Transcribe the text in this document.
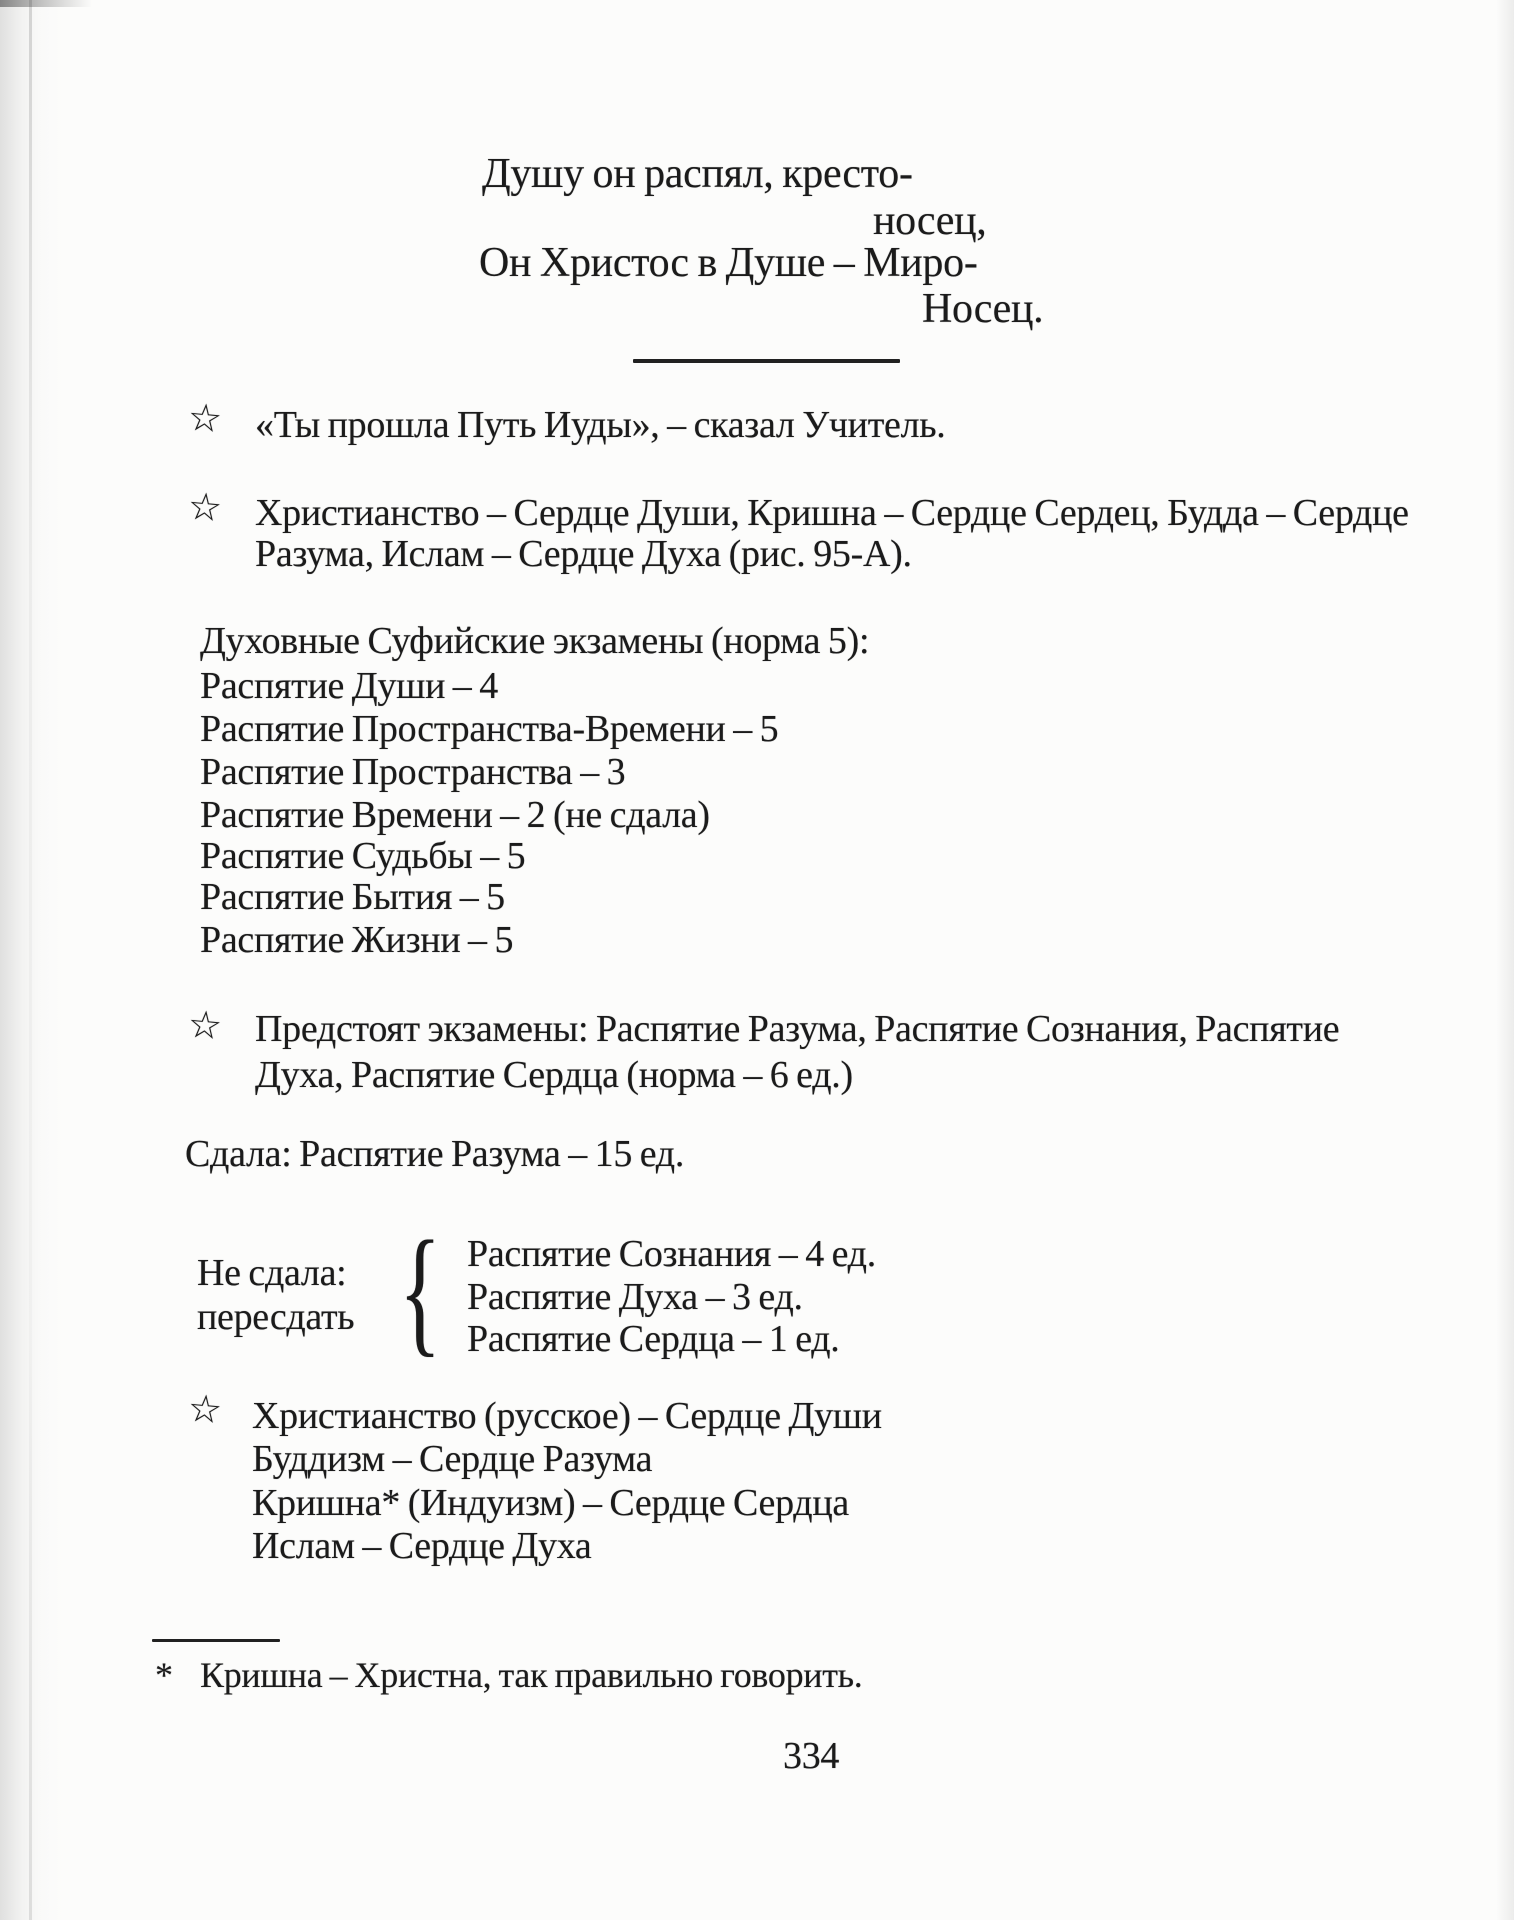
Душу он распял, кресто-
носец,
Он Христос в Душе – Миро-
Носец.
☆ «Ты прошла Путь Иуды», – сказал Учитель.
☆ Христианство – Сердце Души, Кришна – Сердце Сердец, Будда – Сердце
Разума, Ислам – Сердце Духа (рис. 95-А).
Духовные Суфийские экзамены (норма 5):
Распятие Души – 4
Распятие Пространства-Времени – 5
Распятие Пространства – 3
Распятие Времени – 2 (не сдала)
Распятие Судьбы – 5
Распятие Бытия – 5
Распятие Жизни – 5
☆ Предстоят экзамены: Распятие Разума, Распятие Сознания, Распятие
Духа, Распятие Сердца (норма – 6 ед.)
Сдала: Распятие Разума – 15 ед.
Не сдала:
пересдать { Распятие Сознания – 4 ед.
Распятие Духа – 3 ед.
Распятие Сердца – 1 ед.
☆ Христианство (русское) – Сердце Души
Буддизм – Сердце Разума
Кришна* (Индуизм) – Сердце Сердца
Ислам – Сердце Духа
* Кришна – Христна, так правильно говорить.
334
